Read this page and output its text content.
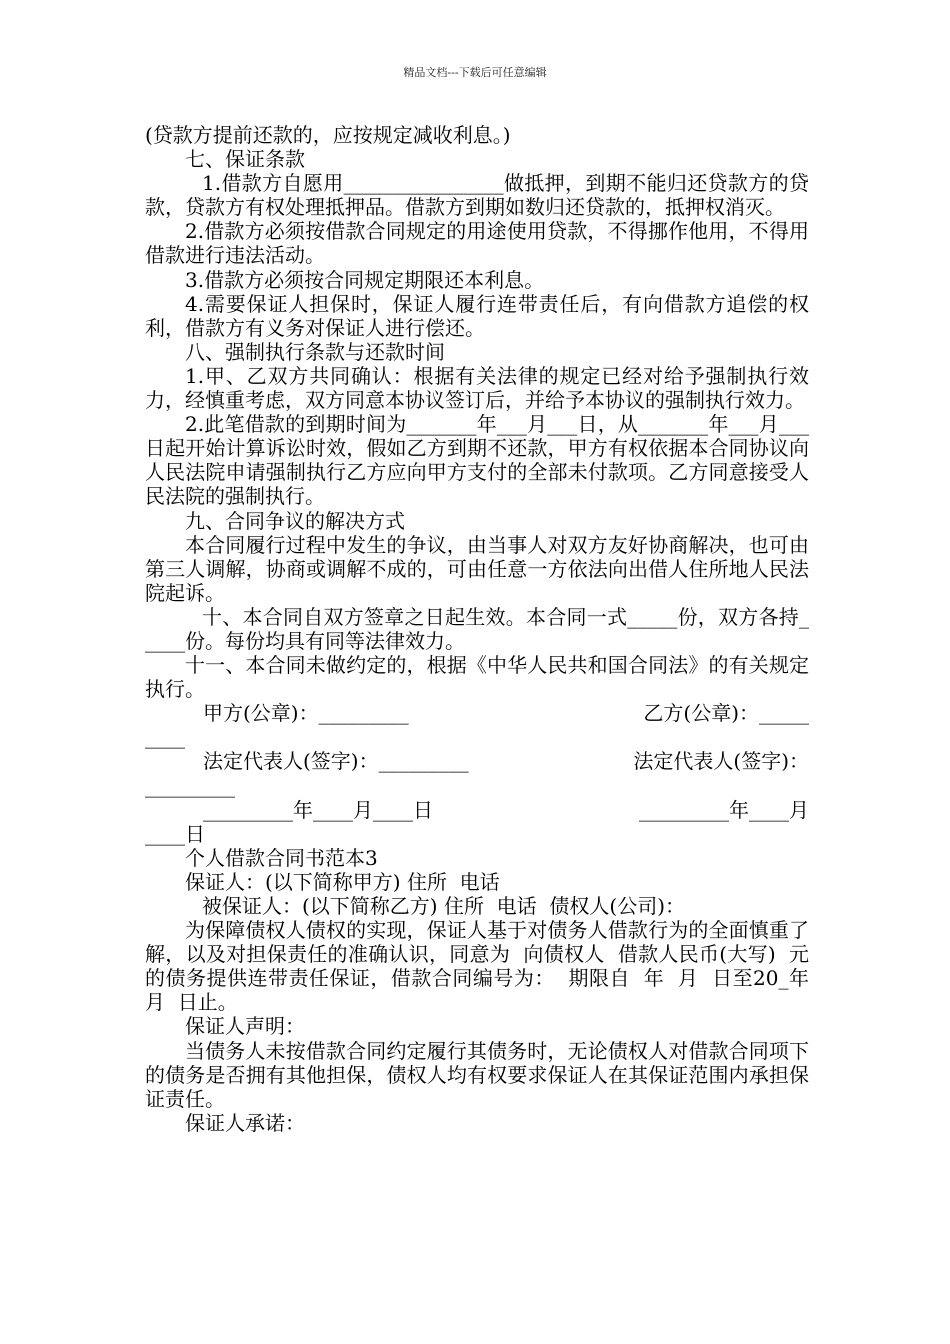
精品文档---下载后可任意编辑

(贷款方提前还款的，应按规定减收利息。)

七、保证条款

1.借款方自愿用________________做抵押，到期不能归还贷款方的贷款，贷款方有权处理抵押品。借款方到期如数归还贷款的，抵押权消灭。

2.借款方必须按借款合同规定的用途使用贷款，不得挪作他用，不得用借款进行违法活动。

3.借款方必须按合同规定期限还本利息。

4.需要保证人担保时，保证人履行连带责任后，有向借款方追偿的权利，借款方有义务对保证人进行偿还。

八、强制执行条款与还款时间

1.甲、乙双方共同确认：根据有关法律的规定已经对给予强制执行效力，经慎重考虑，双方同意本协议签订后，并给予本协议的强制执行效力。

2.此笔借款的到期时间为_______年___月___日，从_______年___月___日起开始计算诉讼时效，假如乙方到期不还款，甲方有权依据本合同协议向人民法院申请强制执行乙方应向甲方支付的全部未付款项。乙方同意接受人民法院的强制执行。

九、合同争议的解决方式

本合同履行过程中发生的争议，由当事人对双方友好协商解决，也可由第三人调解，协商或调解不成的，可由任意一方依法向出借人住所地人民法院起诉。

十、本合同自双方签章之日起生效。本合同一式_____份，双方各持_____份。每份均具有同等法律效力。

十一、本合同未做约定的，根据《中华人民共和国合同法》的有关规定执行。

甲方(公章)：_________	乙方(公章)：_____
____
法定代表人(签字)：_________	法定代表人(签字)：
_________
_________年____月____日	_________年____月
____日

个人借款合同书范本3

保证人：(以下简称甲方) 住所  电话

被保证人：(以下简称乙方) 住所  电话  债权人(公司)：

为保障债权人债权的实现，保证人基于对债务人借款行为的全面慎重了解，以及对担保责任的准确认识，同意为  向债权人  借款人民币(大写)  元的债务提供连带责任保证，借款合同编号为：  期限自  年  月  日至20_年  月  日止。

保证人声明：

当债务人未按借款合同约定履行其债务时，无论债权人对借款合同项下的债务是否拥有其他担保，债权人均有权要求保证人在其保证范围内承担保证责任。

保证人承诺：
